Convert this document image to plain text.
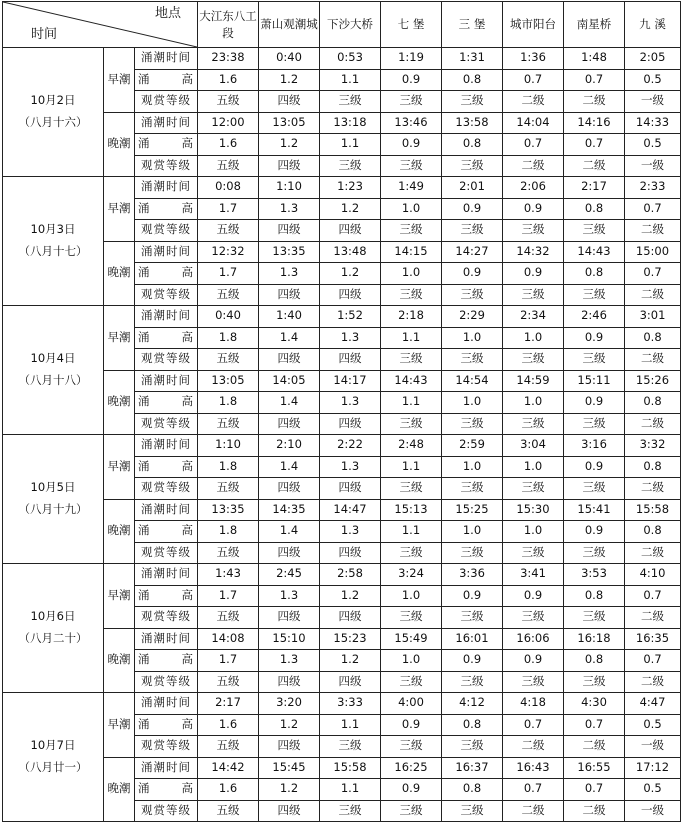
地点
时间			大江东八工段	萧山观潮城	下沙大桥	七 堡	三 堡	城市阳台	南星桥	九 溪

10月2日
（八月十六）	早潮	涌潮时间	23:38	0:40	0:53	1:19	1:31	1:36	1:48	2:05
		涌 高	1.6	1.2	1.1	0.9	0.8	0.7	0.7	0.5
		观赏等级	五级	四级	三级	三级	三级	二级	二级	一级
	晚潮	涌潮时间	12:00	13:05	13:18	13:46	13:58	14:04	14:16	14:33
		涌 高	1.6	1.2	1.1	0.9	0.8	0.7	0.7	0.5
		观赏等级	五级	四级	三级	三级	三级	二级	二级	一级

10月3日
（八月十七）	早潮	涌潮时间	0:08	1:10	1:23	1:49	2:01	2:06	2:17	2:33
		涌 高	1.7	1.3	1.2	1.0	0.9	0.9	0.8	0.7
		观赏等级	五级	四级	四级	三级	三级	三级	三级	二级
	晚潮	涌潮时间	12:32	13:35	13:48	14:15	14:27	14:32	14:43	15:00
		涌 高	1.7	1.3	1.2	1.0	0.9	0.9	0.8	0.7
		观赏等级	五级	四级	四级	三级	三级	三级	三级	二级

10月4日
（八月十八）	早潮	涌潮时间	0:40	1:40	1:52	2:18	2:29	2:34	2:46	3:01
		涌 高	1.8	1.4	1.3	1.1	1.0	1.0	0.9	0.8
		观赏等级	五级	四级	四级	三级	三级	三级	三级	二级
	晚潮	涌潮时间	13:05	14:05	14:17	14:43	14:54	14:59	15:11	15:26
		涌 高	1.8	1.4	1.3	1.1	1.0	1.0	0.9	0.8
		观赏等级	五级	四级	四级	三级	三级	三级	三级	二级

10月5日
（八月十九）	早潮	涌潮时间	1:10	2:10	2:22	2:48	2:59	3:04	3:16	3:32
		涌 高	1.8	1.4	1.3	1.1	1.0	1.0	0.9	0.8
		观赏等级	五级	四级	四级	三级	三级	三级	三级	二级
	晚潮	涌潮时间	13:35	14:35	14:47	15:13	15:25	15:30	15:41	15:58
		涌 高	1.8	1.4	1.3	1.1	1.0	1.0	0.9	0.8
		观赏等级	五级	四级	四级	三级	三级	三级	三级	二级

10月6日
（八月二十）	早潮	涌潮时间	1:43	2:45	2:58	3:24	3:36	3:41	3:53	4:10
		涌 高	1.7	1.3	1.2	1.0	0.9	0.9	0.8	0.7
		观赏等级	五级	四级	四级	三级	三级	三级	三级	二级
	晚潮	涌潮时间	14:08	15:10	15:23	15:49	16:01	16:06	16:18	16:35
		涌 高	1.7	1.3	1.2	1.0	0.9	0.9	0.8	0.7
		观赏等级	五级	四级	四级	三级	三级	三级	三级	二级

10月7日
（八月廿一）	早潮	涌潮时间	2:17	3:20	3:33	4:00	4:12	4:18	4:30	4:47
		涌 高	1.6	1.2	1.1	0.9	0.8	0.7	0.7	0.5
		观赏等级	五级	四级	三级	三级	三级	二级	二级	一级
	晚潮	涌潮时间	14:42	15:45	15:58	16:25	16:37	16:43	16:55	17:12
		涌 高	1.6	1.2	1.1	0.9	0.8	0.7	0.7	0.5
		观赏等级	五级	四级	三级	三级	三级	二级	二级	一级
